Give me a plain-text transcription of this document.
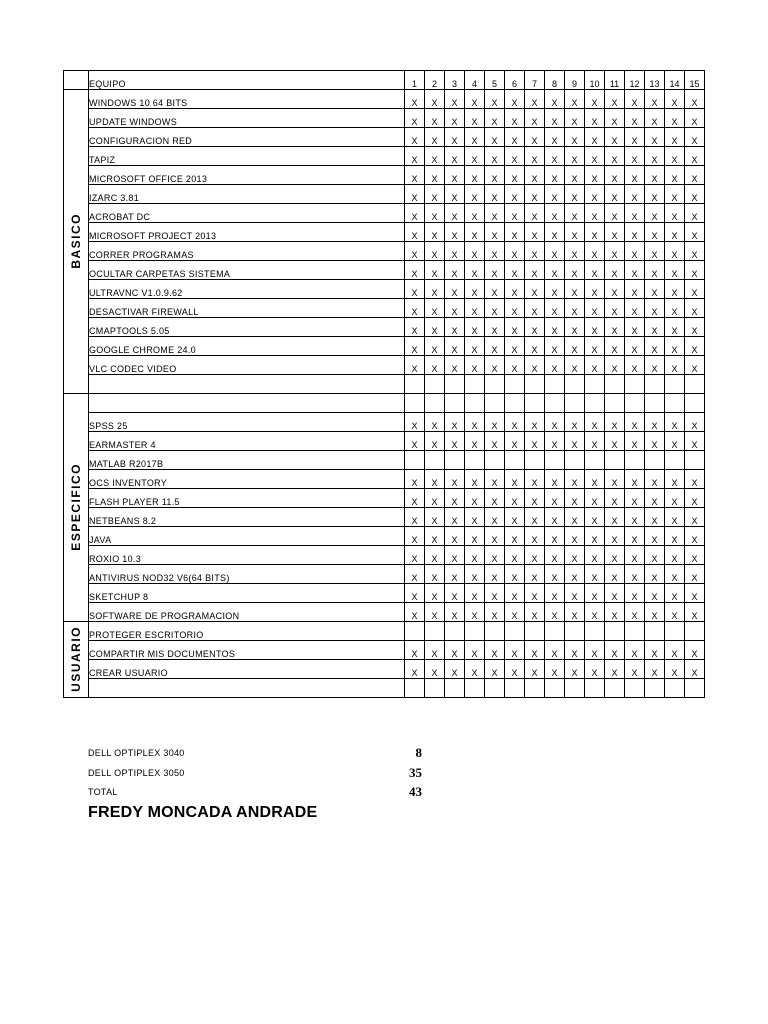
	EQUIPO	1	2	3	4	5	6	7	8	9	10	11	12	13	14	15
BASICO	WINDOWS 10 64 BITS	X	X	X	X	X	X	X	X	X	X	X	X	X	X	X
	UPDATE WINDOWS	X	X	X	X	X	X	X	X	X	X	X	X	X	X	X
	CONFIGURACION RED	X	X	X	X	X	X	X	X	X	X	X	X	X	X	X
	TAPIZ	X	X	X	X	X	X	X	X	X	X	X	X	X	X	X
	MICROSOFT OFFICE 2013	X	X	X	X	X	X	X	X	X	X	X	X	X	X	X
	IZARC 3.81	X	X	X	X	X	X	X	X	X	X	X	X	X	X	X
	ACROBAT DC	X	X	X	X	X	X	X	X	X	X	X	X	X	X	X
	MICROSOFT PROJECT 2013	X	X	X	X	X	X	X	X	X	X	X	X	X	X	X
	CORRER PROGRAMAS	X	X	X	X	X	X	X	X	X	X	X	X	X	X	X
	OCULTAR CARPETAS SISTEMA	X	X	X	X	X	X	X	X	X	X	X	X	X	X	X
	ULTRAVNC V1.0.9.62	X	X	X	X	X	X	X	X	X	X	X	X	X	X	X
	DESACTIVAR FIREWALL	X	X	X	X	X	X	X	X	X	X	X	X	X	X	X
	CMAPTOOLS 5.05	X	X	X	X	X	X	X	X	X	X	X	X	X	X	X
	GOOGLE CHROME 24.0	X	X	X	X	X	X	X	X	X	X	X	X	X	X	X
	VLC CODEC VIDEO	X	X	X	X	X	X	X	X	X	X	X	X	X	X	X

ESPECIFICO																
	SPSS 25	X	X	X	X	X	X	X	X	X	X	X	X	X	X	X
	EARMASTER 4	X	X	X	X	X	X	X	X	X	X	X	X	X	X	X
	MATLAB R2017B															
	OCS INVENTORY	X	X	X	X	X	X	X	X	X	X	X	X	X	X	X
	FLASH PLAYER 11.5	X	X	X	X	X	X	X	X	X	X	X	X	X	X	X
	NETBEANS 8.2	X	X	X	X	X	X	X	X	X	X	X	X	X	X	X
	JAVA	X	X	X	X	X	X	X	X	X	X	X	X	X	X	X
	ROXIO 10.3	X	X	X	X	X	X	X	X	X	X	X	X	X	X	X
	ANTIVIRUS NOD32 V6(64 BITS)	X	X	X	X	X	X	X	X	X	X	X	X	X	X	X
	SKETCHUP 8	X	X	X	X	X	X	X	X	X	X	X	X	X	X	X
	SOFTWARE DE PROGRAMACION	X	X	X	X	X	X	X	X	X	X	X	X	X	X	X
USUARIO	PROTEGER ESCRITORIO															
	COMPARTIR MIS DOCUMENTOS	X	X	X	X	X	X	X	X	X	X	X	X	X	X	X
	CREAR USUARIO	X	X	X	X	X	X	X	X	X	X	X	X	X	X	X

DELL OPTIPLEX 3040	8
DELL OPTIPLEX 3050	35
TOTAL	43
FREDY MONCADA ANDRADE
